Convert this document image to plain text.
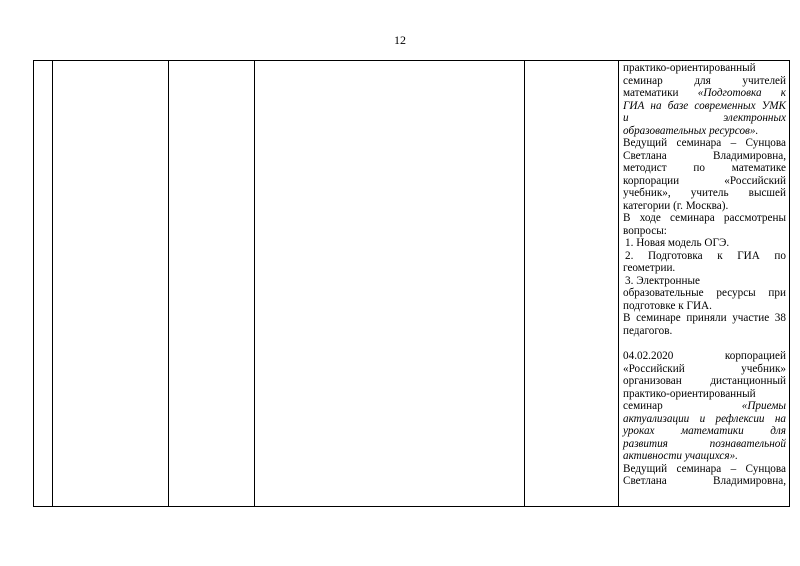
12

практико-ориентированный

семинар для учителей

математики «Подготовка к

ГИА на базе современных УМК

и электронных

образовательных ресурсов».

Ведущий семинара – Сунцова

Светлана Владимировна,

методист по математике

корпорации «Российский

учебник», учитель высшей

категории (г. Москва).

В ходе семинара рассмотрены

вопросы:

1. Новая модель ОГЭ.

2. Подготовка к ГИА по

геометрии.

3. Электронные

образовательные ресурсы при

подготовке к ГИА.

В семинаре приняли участие 38

педагогов.

04.02.2020 корпорацией

«Российский учебник»

организован дистанционный

практико-ориентированный

семинар «Приемы

актуализации и рефлексии на

уроках математики для

развития познавательной

активности учащихся».

Ведущий семинара – Сунцова

Светлана Владимировна,
